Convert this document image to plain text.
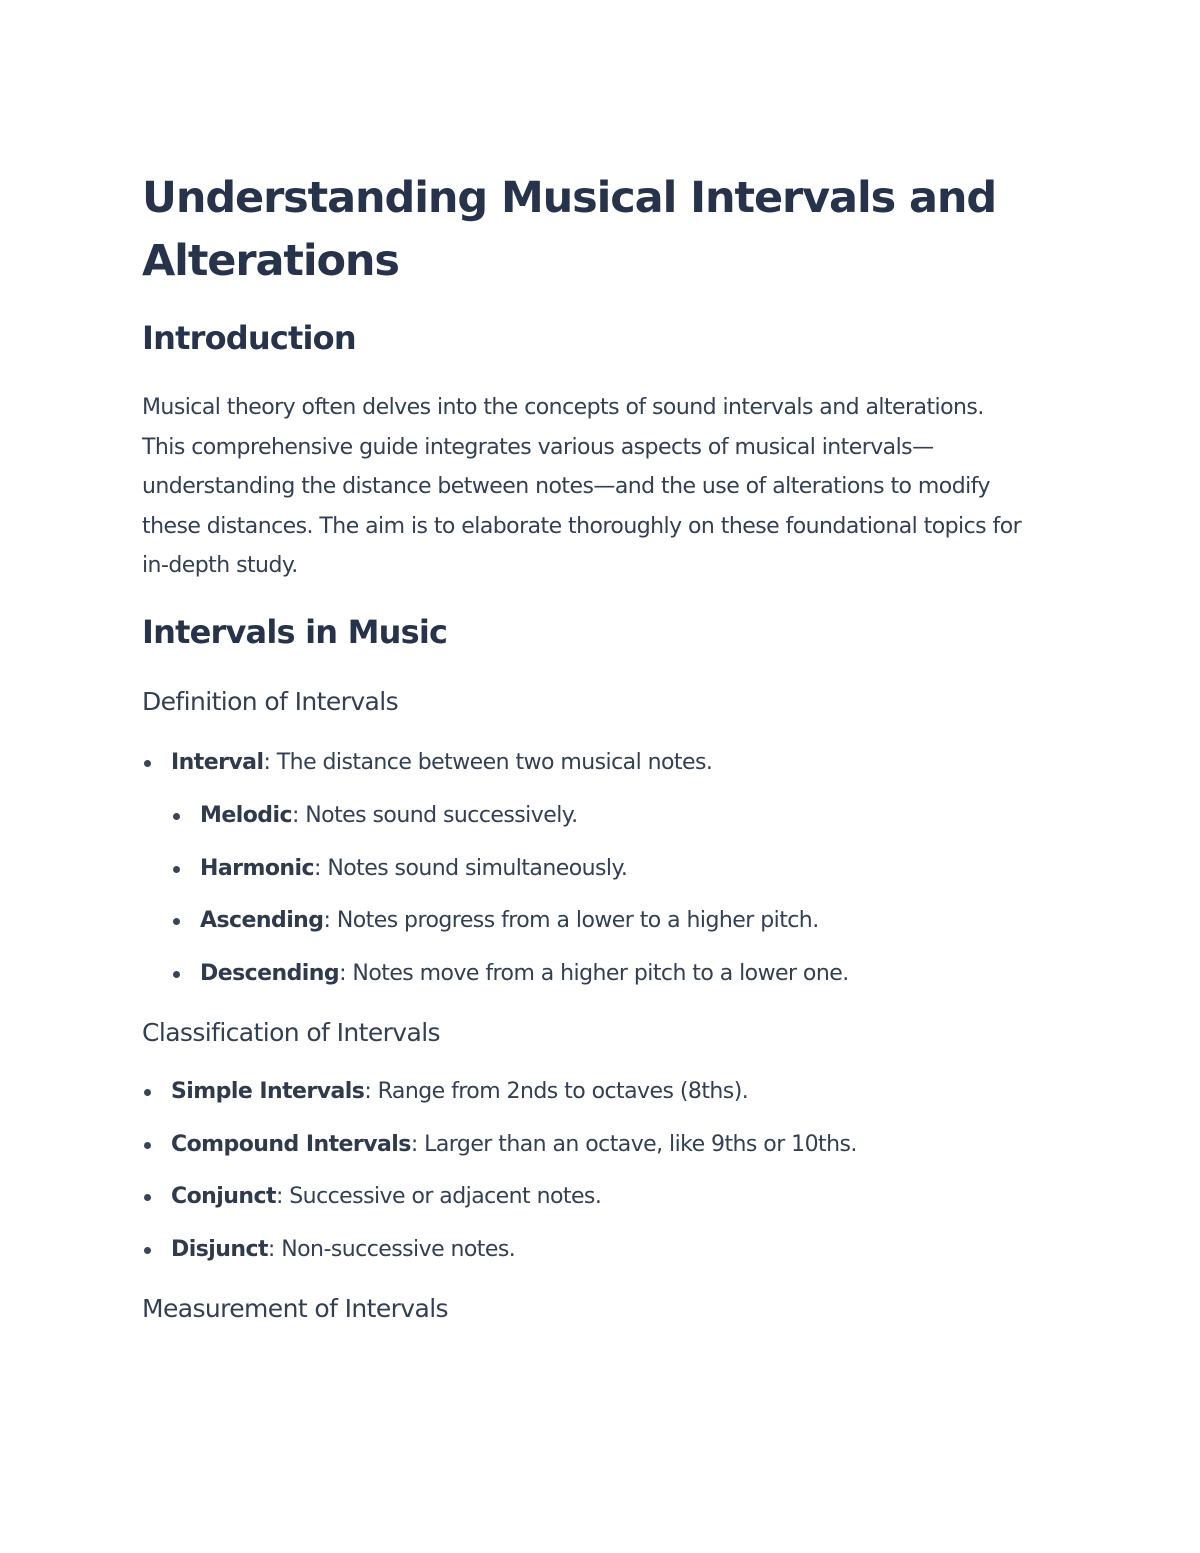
Understanding Musical Intervals and Alterations
Introduction

Musical theory often delves into the concepts of sound intervals and alterations. This comprehensive guide integrates various aspects of musical intervals—understanding the distance between notes—and the use of alterations to modify these distances. The aim is to elaborate thoroughly on these foundational topics for in-depth study.

Intervals in Music
Definition of Intervals
Interval: The distance between two musical notes.
Melodic: Notes sound successively.
Harmonic: Notes sound simultaneously.
Ascending: Notes progress from a lower to a higher pitch.
Descending: Notes move from a higher pitch to a lower one.
Classification of Intervals
Simple Intervals: Range from 2nds to octaves (8ths).
Compound Intervals: Larger than an octave, like 9ths or 10ths.
Conjunct: Successive or adjacent notes.
Disjunct: Non-successive notes.
Measurement of Intervals
